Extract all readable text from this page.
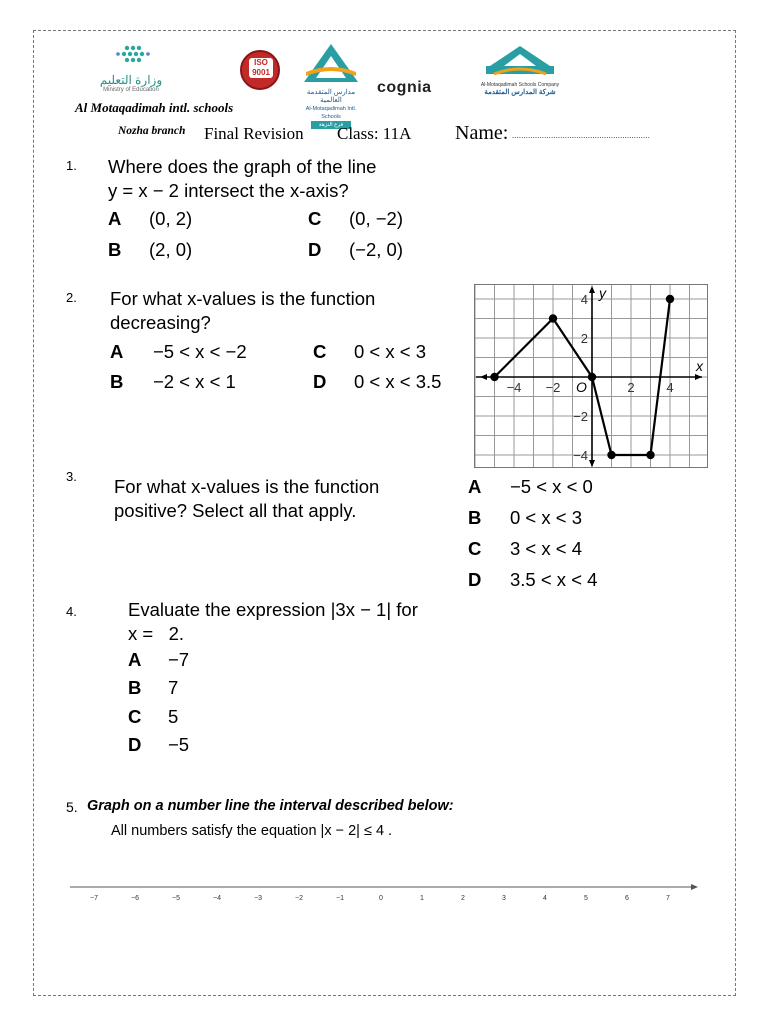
وزارة التعليم
Ministry of Education
ISO
9001
مدارس المتقدمة العالمية
Al-Motaqadimah Intl. Schools
فرع النزهة
cognia	Al-Motaqadimah Schools Company
شركة المدارس المتقدمة
Al Motaqadimah intl. schools
Nozha branch Final Revision Class: 11A Name: ............................................................
1. Where does the graph of the line
y = x − 2 intersect the x-axis?
A (0, 2)	C (0, −2)
B (2, 0)	D (−2, 0)
2. For what x-values is the function
decreasing?
A −5 < x < −2	C 0 < x < 3
B −2 < x < 1	D 0 < x < 3.5
x
y
O
−4 −2	2 4
4
2
−2
−4
3. For what x-values is the function
positive? Select all that apply.
A −5 < x < 0
B 0 < x < 3
C 3 < x < 4
D 3.5 < x < 4
4.	Evaluate the expression |3x − 1| for
x =   2.
A −7
B 7
C 5
D −5
5. Graph on a number line the interval described below:
All numbers satisfy the equation |x − 2| ≤ 4 .
−7	−6	−5	−4	−3	−2	−1	0	1	2	3	4	5	6	7
